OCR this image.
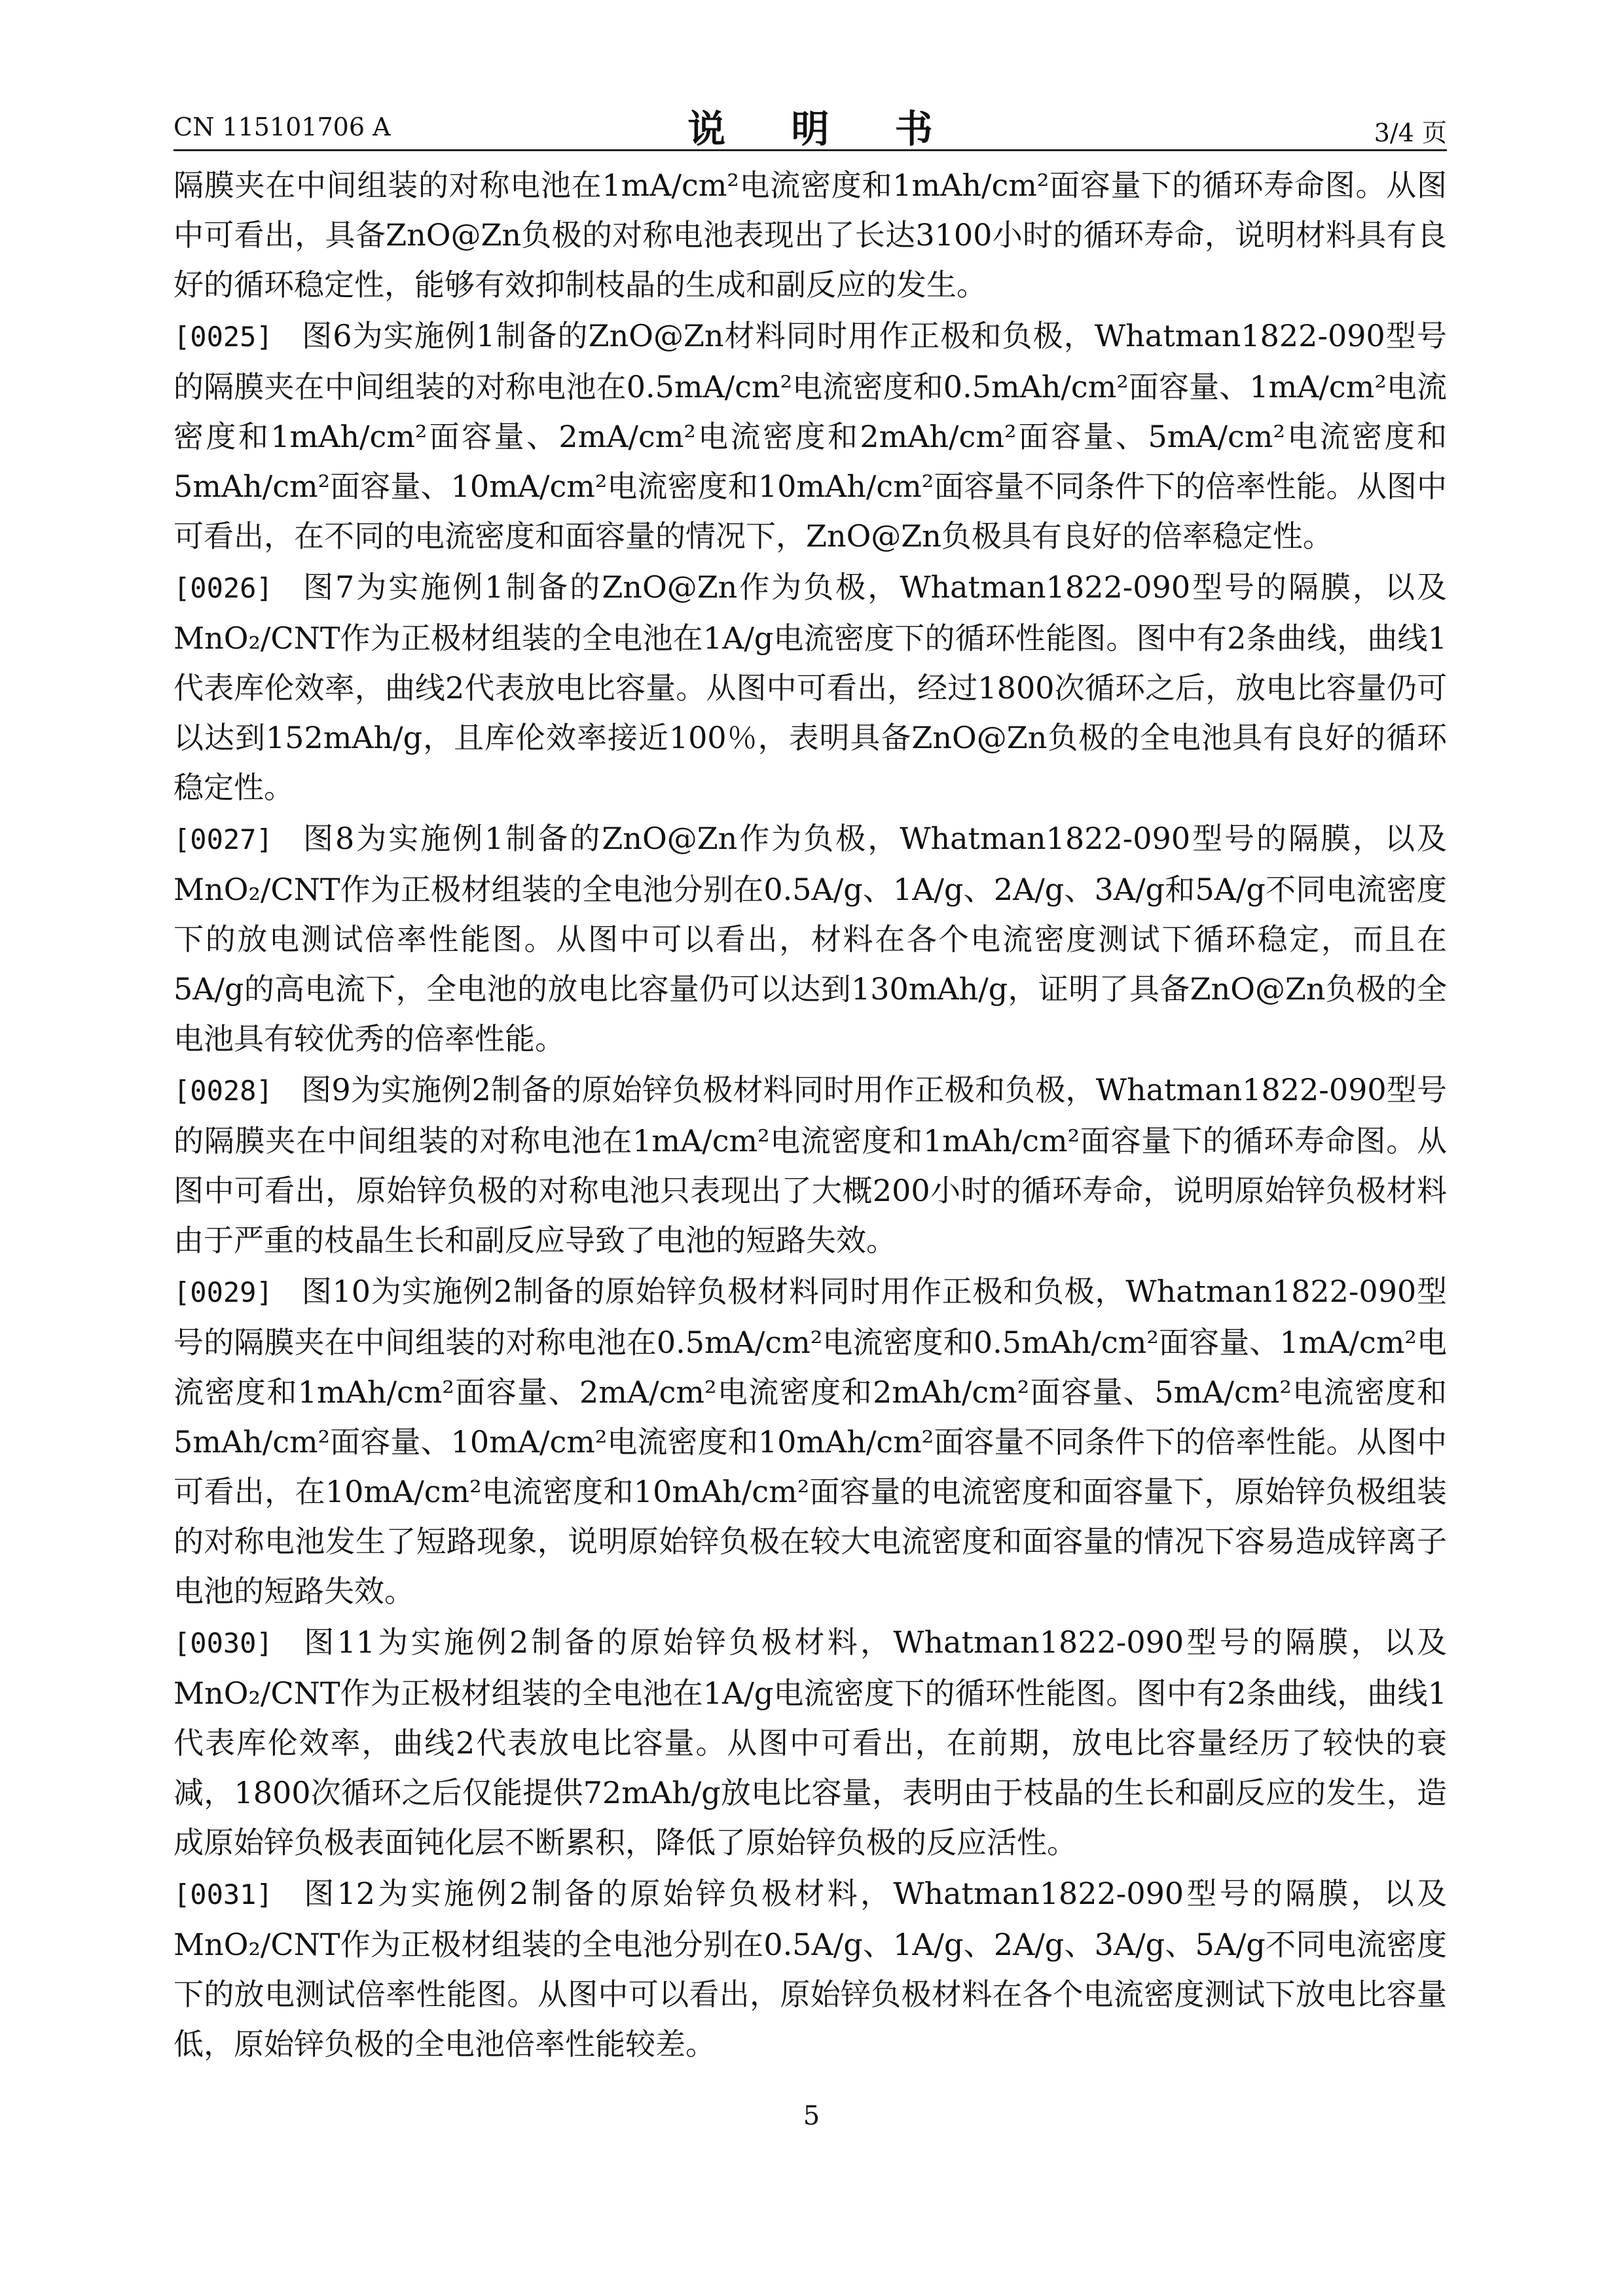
CN 115101706 A	说 明 书	3/4 页

隔膜夹在中间组装的对称电池在1mA/cm²电流密度和1mAh/cm²面容量下的循环寿命图。从图中可看出，具备ZnO@Zn负极的对称电池表现出了长达3100小时的循环寿命，说明材料具有良好的循环稳定性，能够有效抑制枝晶的生成和副反应的发生。

[0025] 图6为实施例1制备的ZnO@Zn材料同时用作正极和负极，Whatman1822-090型号的隔膜夹在中间组装的对称电池在0.5mA/cm²电流密度和0.5mAh/cm²面容量、1mA/cm²电流密度和1mAh/cm²面容量、2mA/cm²电流密度和2mAh/cm²面容量、5mA/cm²电流密度和5mAh/cm²面容量、10mA/cm²电流密度和10mAh/cm²面容量不同条件下的倍率性能。从图中可看出，在不同的电流密度和面容量的情况下，ZnO@Zn负极具有良好的倍率稳定性。

[0026] 图7为实施例1制备的ZnO@Zn作为负极，Whatman1822-090型号的隔膜，以及MnO₂/CNT作为正极材组装的全电池在1A/g电流密度下的循环性能图。图中有2条曲线，曲线1代表库伦效率，曲线2代表放电比容量。从图中可看出，经过1800次循环之后，放电比容量仍可以达到152mAh/g，且库伦效率接近100％，表明具备ZnO@Zn负极的全电池具有良好的循环稳定性。

[0027] 图8为实施例1制备的ZnO@Zn作为负极，Whatman1822-090型号的隔膜，以及MnO₂/CNT作为正极材组装的全电池分别在0.5A/g、1A/g、2A/g、3A/g和5A/g不同电流密度下的放电测试倍率性能图。从图中可以看出，材料在各个电流密度测试下循环稳定，而且在5A/g的高电流下，全电池的放电比容量仍可以达到130mAh/g，证明了具备ZnO@Zn负极的全电池具有较优秀的倍率性能。

[0028] 图9为实施例2制备的原始锌负极材料同时用作正极和负极，Whatman1822-090型号的隔膜夹在中间组装的对称电池在1mA/cm²电流密度和1mAh/cm²面容量下的循环寿命图。从图中可看出，原始锌负极的对称电池只表现出了大概200小时的循环寿命，说明原始锌负极材料由于严重的枝晶生长和副反应导致了电池的短路失效。

[0029] 图10为实施例2制备的原始锌负极材料同时用作正极和负极，Whatman1822-090型号的隔膜夹在中间组装的对称电池在0.5mA/cm²电流密度和0.5mAh/cm²面容量、1mA/cm²电流密度和1mAh/cm²面容量、2mA/cm²电流密度和2mAh/cm²面容量、5mA/cm²电流密度和5mAh/cm²面容量、10mA/cm²电流密度和10mAh/cm²面容量不同条件下的倍率性能。从图中可看出，在10mA/cm²电流密度和10mAh/cm²面容量的电流密度和面容量下，原始锌负极组装的对称电池发生了短路现象，说明原始锌负极在较大电流密度和面容量的情况下容易造成锌离子电池的短路失效。

[0030] 图11为实施例2制备的原始锌负极材料，Whatman1822-090型号的隔膜，以及MnO₂/CNT作为正极材组装的全电池在1A/g电流密度下的循环性能图。图中有2条曲线，曲线1代表库伦效率，曲线2代表放电比容量。从图中可看出，在前期，放电比容量经历了较快的衰减，1800次循环之后仅能提供72mAh/g放电比容量，表明由于枝晶的生长和副反应的发生，造成原始锌负极表面钝化层不断累积，降低了原始锌负极的反应活性。

[0031] 图12为实施例2制备的原始锌负极材料，Whatman1822-090型号的隔膜，以及MnO₂/CNT作为正极材组装的全电池分别在0.5A/g、1A/g、2A/g、3A/g、5A/g不同电流密度下的放电测试倍率性能图。从图中可以看出，原始锌负极材料在各个电流密度测试下放电比容量低，原始锌负极的全电池倍率性能较差。

5
